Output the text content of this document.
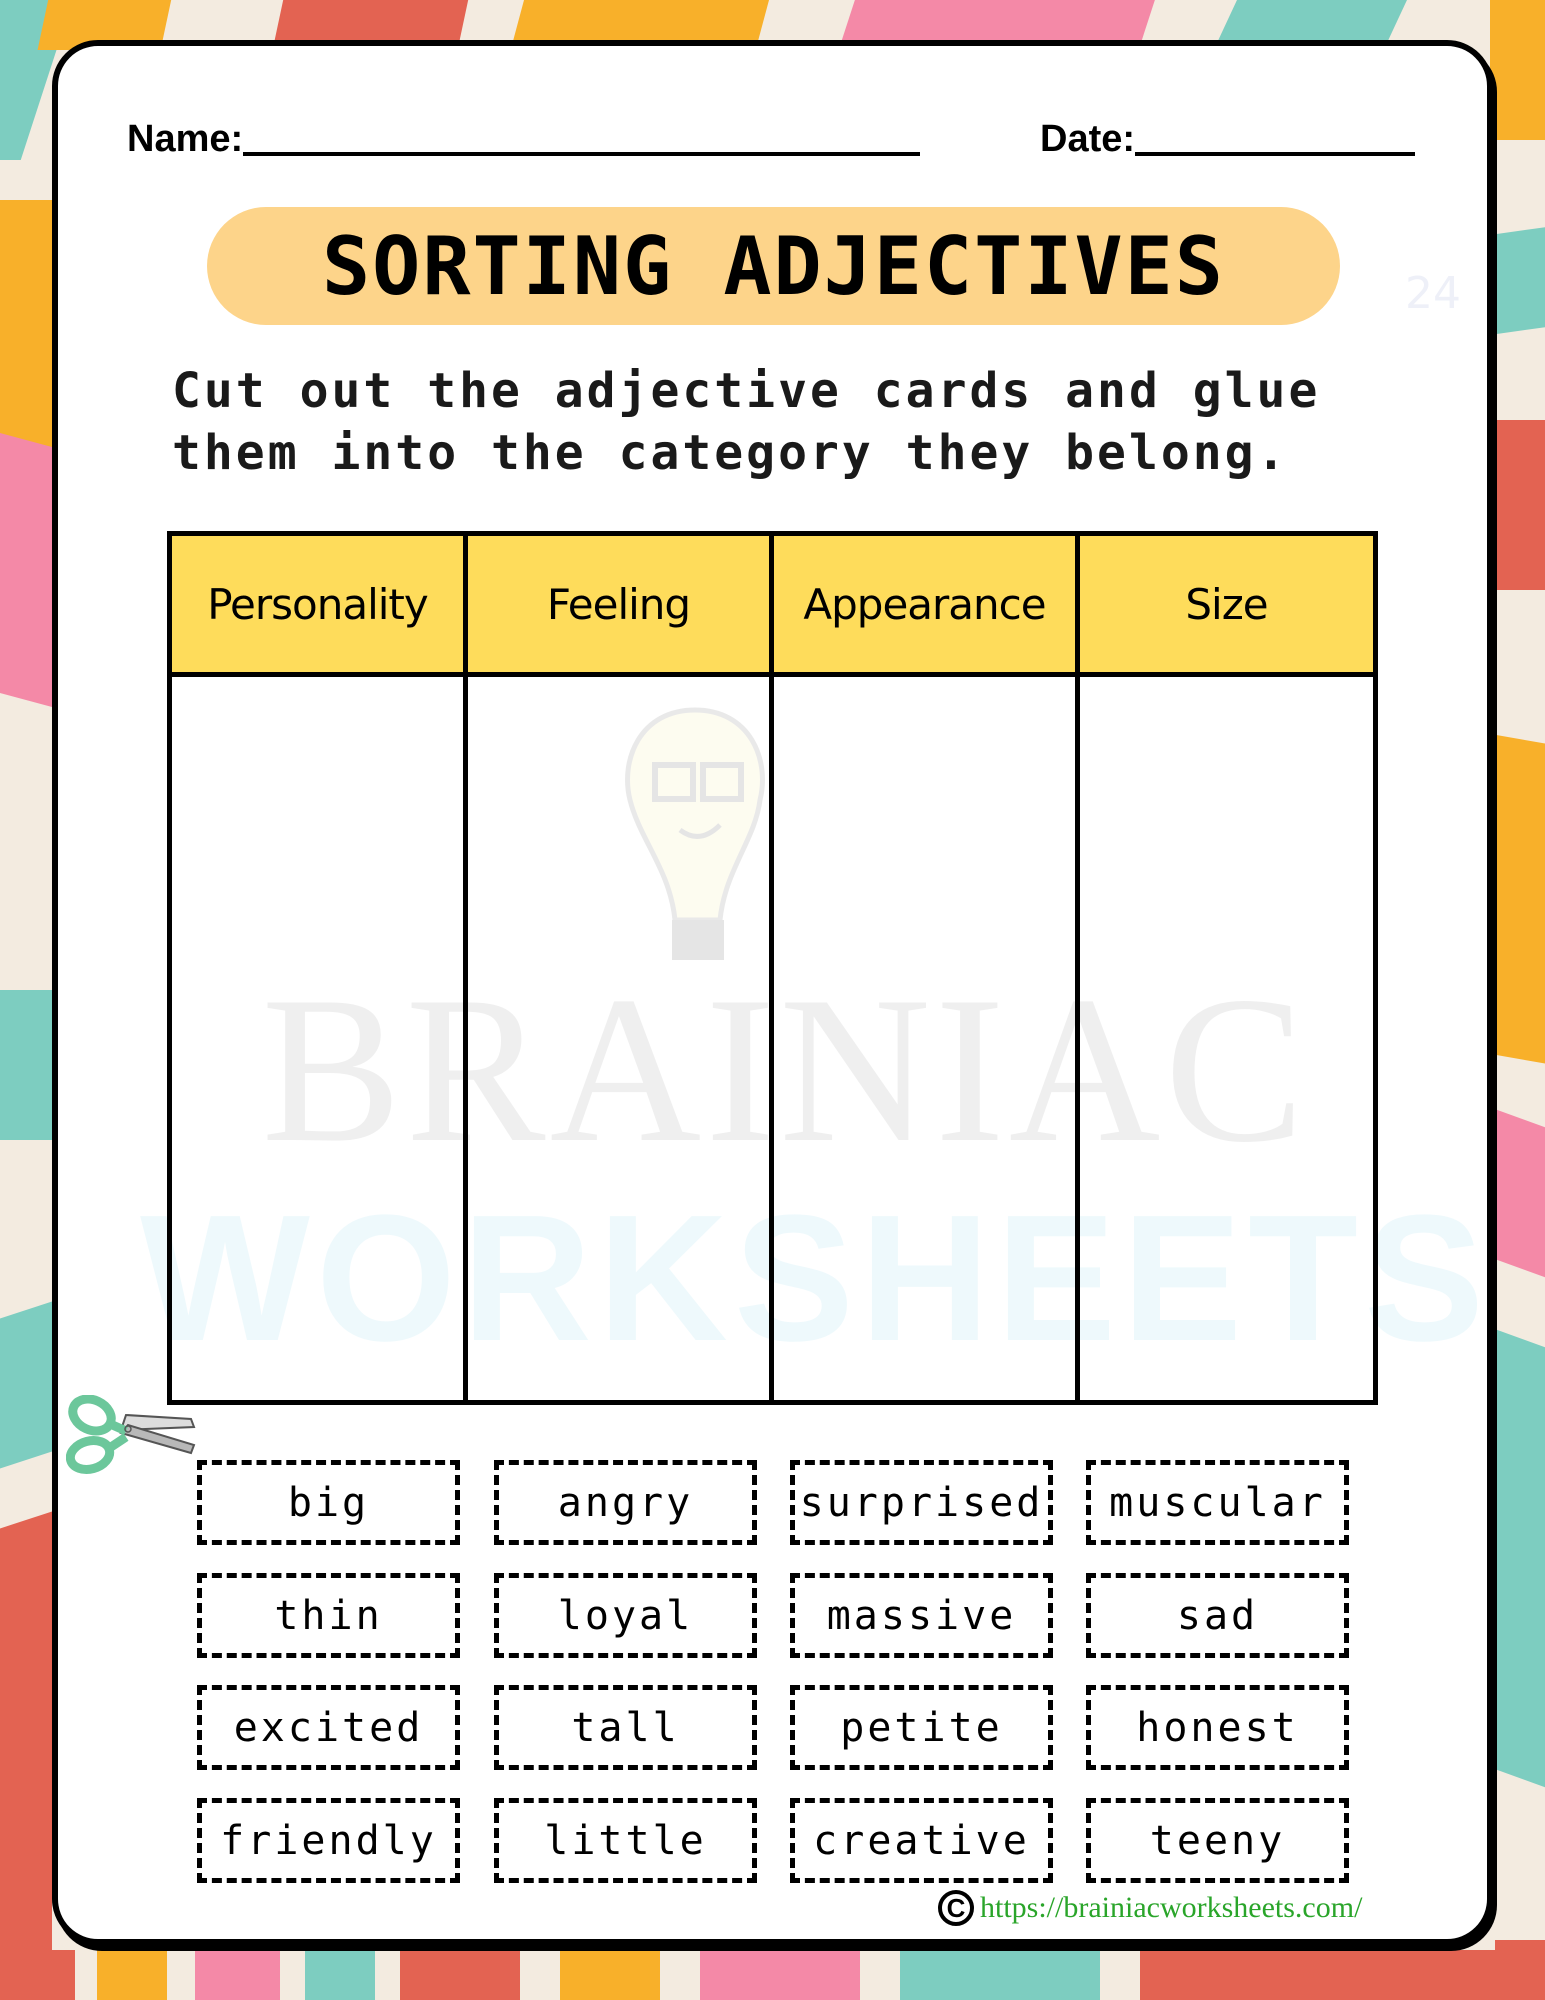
Name:	Date:
SORTING ADJECTIVES	24
Cut out the adjective cards and glue
them into the category they belong.
BRAINIAC
WORKSHEETS
Personality	Feeling	Appearance	Size
big	angry	surprised	muscular
thin	loyal	massive	sad
excited	tall	petite	honest
friendly	little	creative	teeny
C https://brainiacworksheets.com/
